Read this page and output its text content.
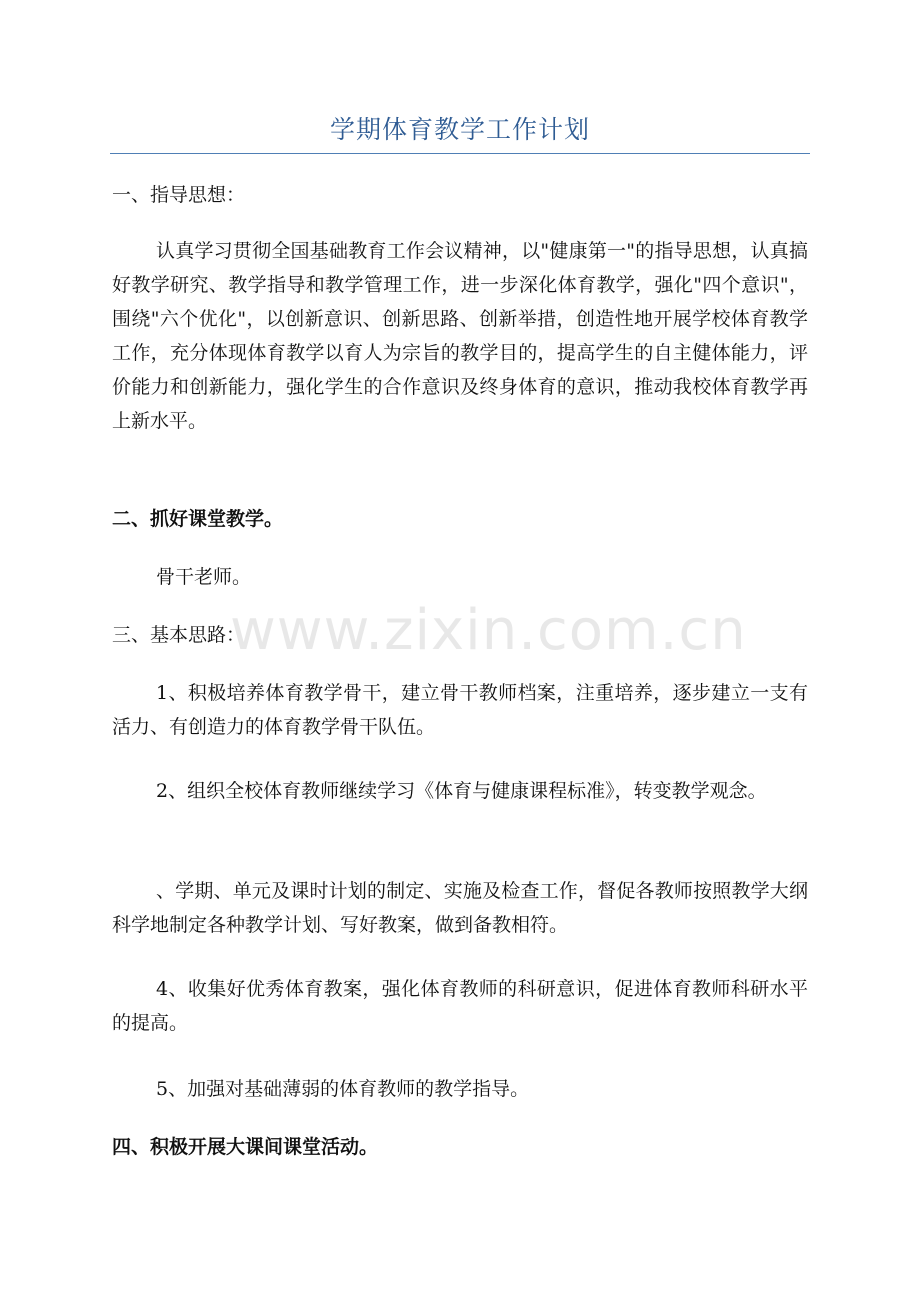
学期体育教学工作计划

一、指导思想：

认真学习贯彻全国基础教育工作会议精神，以"健康第一"的指导思想，认真搞好教学研究、教学指导和教学管理工作，进一步深化体育教学，强化"四个意识"，围绕"六个优化"，以创新意识、创新思路、创新举措，创造性地开展学校体育教学工作，充分体现体育教学以育人为宗旨的教学目的，提高学生的自主健体能力，评价能力和创新能力，强化学生的合作意识及终身体育的意识，推动我校体育教学再上新水平。

二、抓好课堂教学。

骨干老师。

三、基本思路：

1、积极培养体育教学骨干，建立骨干教师档案，注重培养，逐步建立一支有活力、有创造力的体育教学骨干队伍。

2、组织全校体育教师继续学习《体育与健康课程标准》，转变教学观念。

、学期、单元及课时计划的制定、实施及检查工作，督促各教师按照教学大纲科学地制定各种教学计划、写好教案，做到备教相符。

4、收集好优秀体育教案，强化体育教师的科研意识，促进体育教师科研水平的提高。

5、加强对基础薄弱的体育教师的教学指导。

四、积极开展大课间课堂活动。

www.zixin.com.cn
